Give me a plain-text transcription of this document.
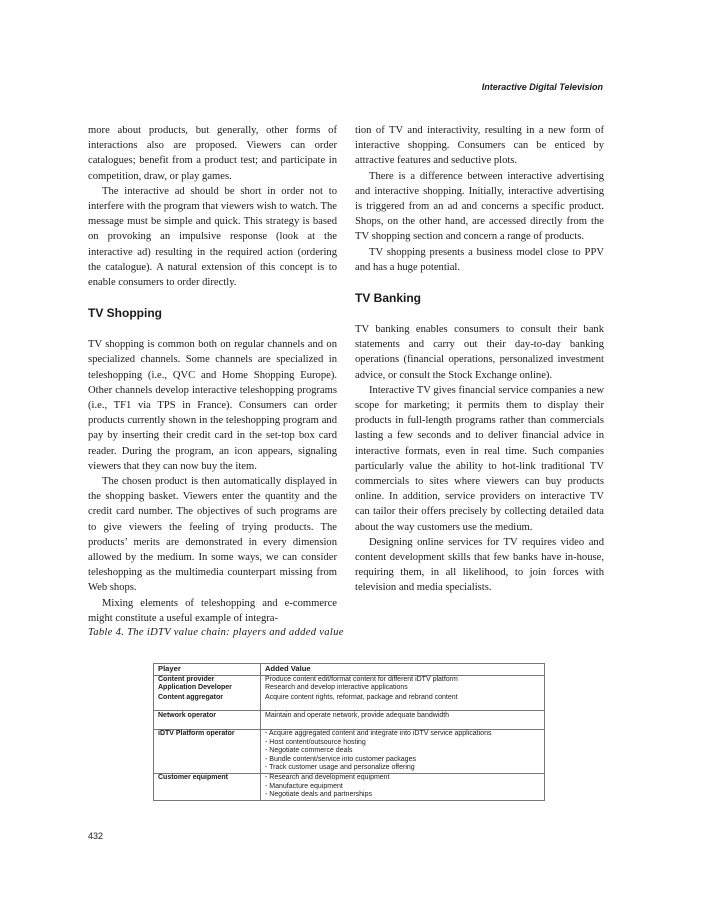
Interactive Digital Television

more about products, but generally, other forms of interactions also are proposed. Viewers can order catalogues; benefit from a product test; and participate in competition, draw, or play games.

The interactive ad should be short in order not to interfere with the program that viewers wish to watch. The message must be simple and quick. This strategy is based on provoking an impulsive response (look at the interactive ad) resulting in the required action (ordering the catalogue). A natural extension of this concept is to enable consumers to order directly.

TV Shopping

TV shopping is common both on regular channels and on specialized channels. Some channels are specialized in teleshopping (i.e., QVC and Home Shopping Europe). Other channels develop interactive teleshopping programs (i.e., TF1 via TPS in France). Consumers can order products currently shown in the teleshopping program and pay by inserting their credit card in the set-top box card reader. During the program, an icon appears, signaling viewers that they can now buy the item.

The chosen product is then automatically displayed in the shopping basket. Viewers enter the quantity and the credit card number. The objectives of such programs are to give viewers the feeling of trying products. The products’ merits are demonstrated in every dimension allowed by the medium. In some ways, we can consider teleshopping as the multimedia counterpart missing from Web shops.

Mixing elements of teleshopping and e-commerce might constitute a useful example of integra-

tion of TV and interactivity, resulting in a new form of interactive shopping. Consumers can be enticed by attractive features and seductive plots.

There is a difference between interactive advertising and interactive shopping. Initially, interactive advertising is triggered from an ad and concerns a specific product. Shops, on the other hand, are accessed directly from the TV shopping section and concern a range of products.

TV shopping presents a business model close to PPV and has a huge potential.

TV Banking

TV banking enables consumers to consult their bank statements and carry out their day-to-day banking operations (financial operations, personalized investment advice, or consult the Stock Exchange online).

Interactive TV gives financial service companies a new scope for marketing; it permits them to display their products in full-length programs rather than commercials lasting a few seconds and to deliver financial advice in interactive formats, even in real time. Such companies particularly value the ability to hot-link traditional TV commercials to sites where viewers can buy products online. In addition, service providers on interactive TV can tailor their offers precisely by collecting detailed data about the way customers use the medium.

Designing online services for TV requires video and content development skills that few banks have in-house, requiring them, in all likelihood, to join forces with television and media specialists.

Table 4. The iDTV value chain: players and added value
Player	Added Value
Content provider	Produce content edit/format content for different iDTV platform
Application Developer	Research and develop interactive applications
Content aggregator	Acquire content rights, reformat, package and rebrand content
Network operator	Maintain and operate network, provide adequate bandwidth
iDTV Platform operator	- Acquire aggregated content and integrate into iDTV service applications
- Host content/outsource hosting
- Negotiate commerce deals
- Bundle content/service into customer packages
- Track customer usage and personalize offering

Customer equipment	- Research and development equipment
- Manufacture equipment
- Negotiate deals and partnerships
432
